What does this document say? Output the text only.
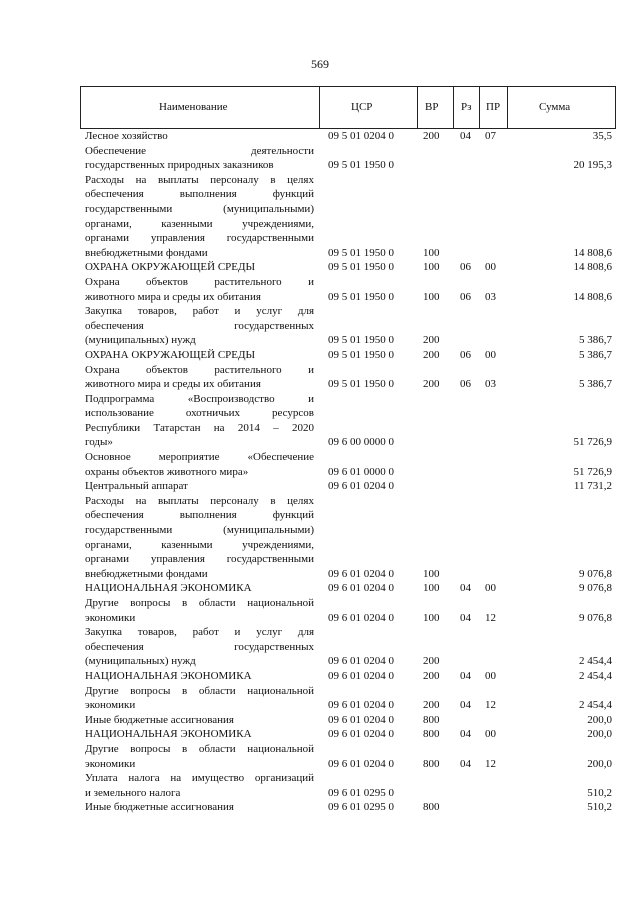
569
Наименование	ЦСР	ВР Рз ПР	Сумма
Лесное хозяйство	09 5 01 0204 0	200 04 07	35,5
Обеспечение деятельности
государственных природных заказников	09 5 01 1950 0	20 195,3
Расходы на выплаты персоналу в целях
обеспечения выполнения функций
государственными (муниципальными)
органами, казенными учреждениями,
органами управления государственными
внебюджетными фондами	09 5 01 1950 0	100	14 808,6
ОХРАНА ОКРУЖАЮЩЕЙ СРЕДЫ	09 5 01 1950 0	100 06 00	14 808,6
Охрана объектов растительного и
животного мира и среды их обитания	09 5 01 1950 0	100 06 03	14 808,6
Закупка товаров, работ и услуг для
обеспечения государственных
(муниципальных) нужд	09 5 01 1950 0	200	5 386,7
ОХРАНА ОКРУЖАЮЩЕЙ СРЕДЫ	09 5 01 1950 0	200 06 00	5 386,7
Охрана объектов растительного и
животного мира и среды их обитания	09 5 01 1950 0	200 06 03	5 386,7
Подпрограмма «Воспроизводство и
использование охотничьих ресурсов
Республики Татарстан на 2014 – 2020
годы»	09 6 00 0000 0	51 726,9
Основное мероприятие «Обеспечение
охраны объектов животного мира»	09 6 01 0000 0	51 726,9
Центральный аппарат	09 6 01 0204 0	11 731,2
Расходы на выплаты персоналу в целях
обеспечения выполнения функций
государственными (муниципальными)
органами, казенными учреждениями,
органами управления государственными
внебюджетными фондами	09 6 01 0204 0	100	9 076,8
НАЦИОНАЛЬНАЯ ЭКОНОМИКА	09 6 01 0204 0	100 04 00	9 076,8
Другие вопросы в области национальной
экономики	09 6 01 0204 0	100 04 12	9 076,8
Закупка товаров, работ и услуг для
обеспечения государственных
(муниципальных) нужд	09 6 01 0204 0	200	2 454,4
НАЦИОНАЛЬНАЯ ЭКОНОМИКА	09 6 01 0204 0	200 04 00	2 454,4
Другие вопросы в области национальной
экономики	09 6 01 0204 0	200 04 12	2 454,4
Иные бюджетные ассигнования	09 6 01 0204 0	800	200,0
НАЦИОНАЛЬНАЯ ЭКОНОМИКА	09 6 01 0204 0	800 04 00	200,0
Другие вопросы в области национальной
экономики	09 6 01 0204 0	800 04 12	200,0
Уплата налога на имущество организаций
и земельного налога	09 6 01 0295 0	510,2
Иные бюджетные ассигнования	09 6 01 0295 0	800	510,2
